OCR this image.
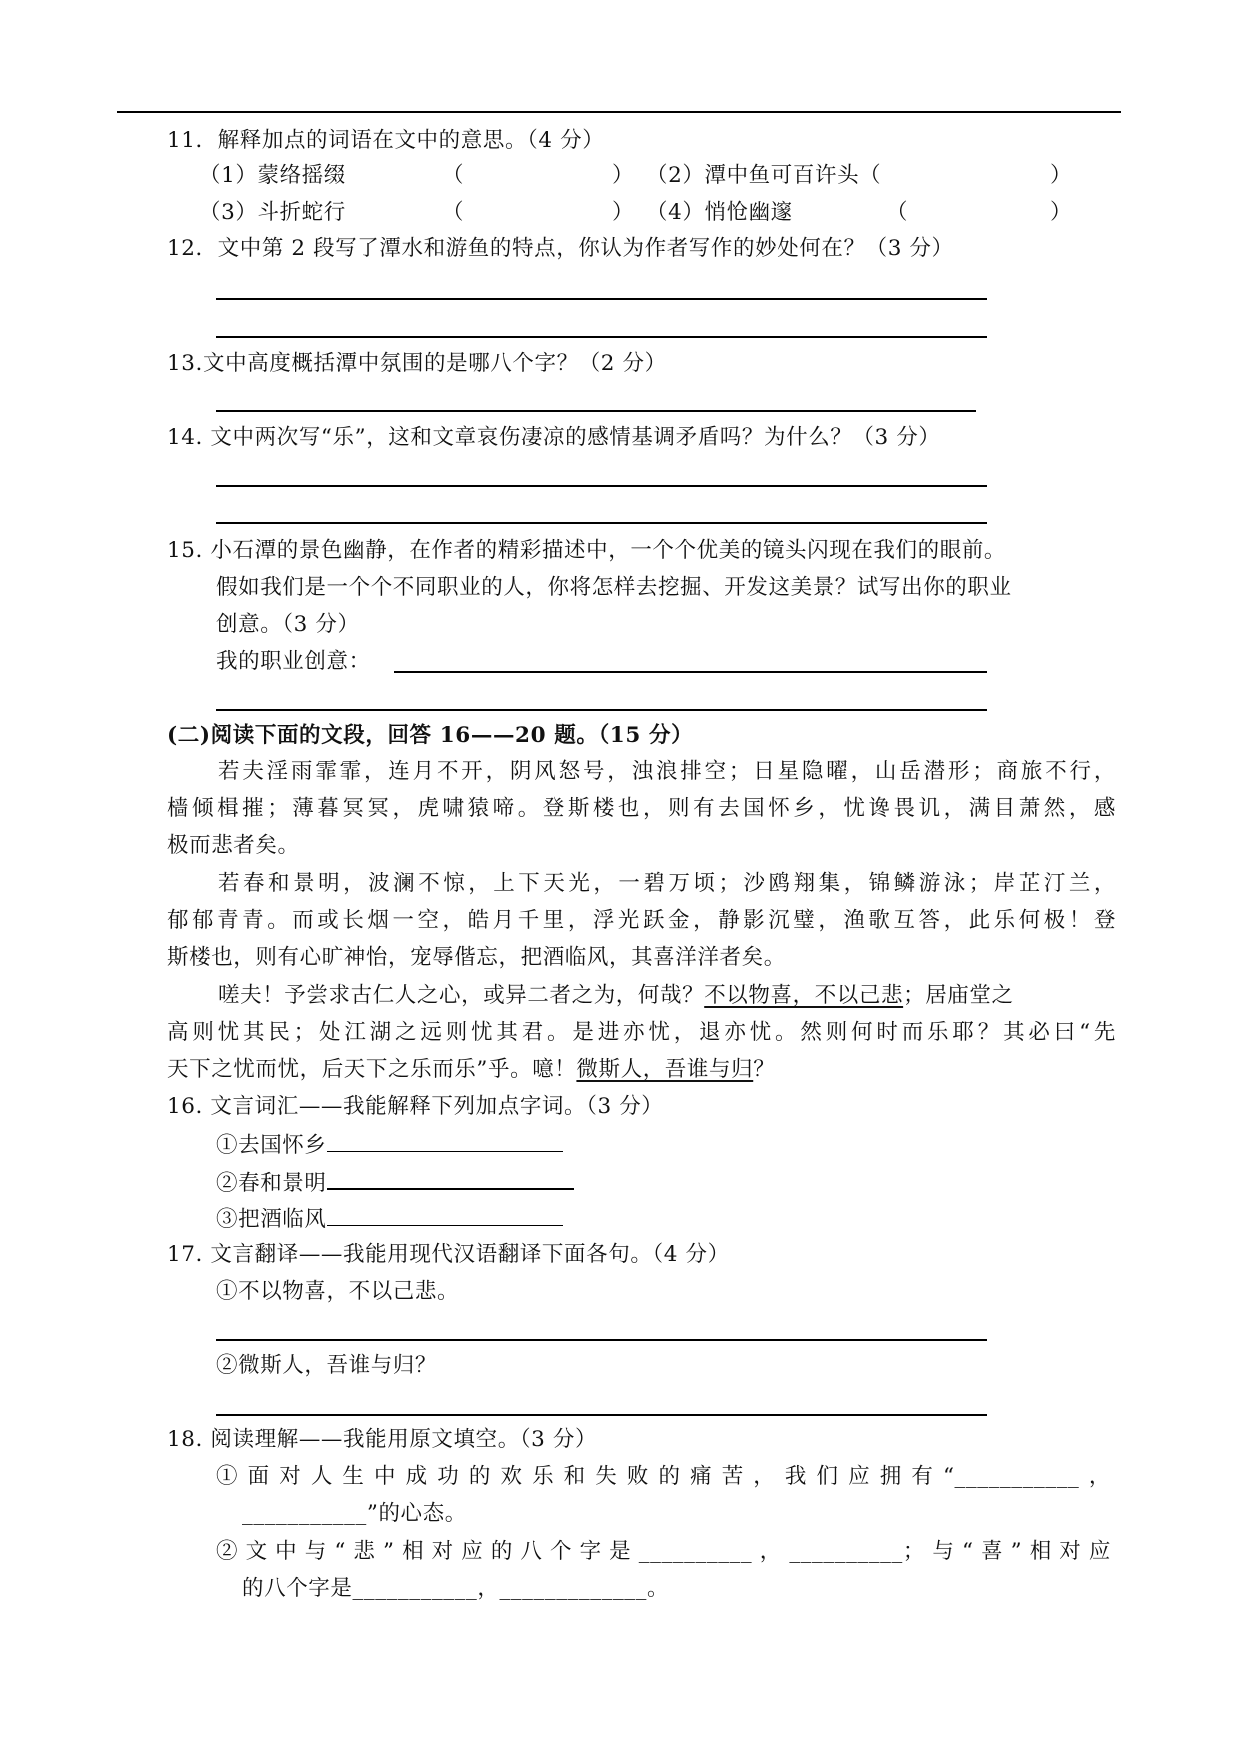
11．解释加点的词语在文中的意思。（4 分）
（1）蒙络摇缀	（	） （2）潭中鱼可百许头（	）
（3）斗折蛇行	（	） （4）悄怆幽邃	（	）
12．文中第 2 段写了潭水和游鱼的特点，你认为作者写作的妙处何在？（3 分）
13.文中高度概括潭中氛围的是哪八个字？（2 分）
14. 文中两次写“乐”，这和文章哀伤凄凉的感情基调矛盾吗？为什么？（3 分）
15. 小石潭的景色幽静，在作者的精彩描述中，一个个优美的镜头闪现在我们的眼前。
假如我们是一个个不同职业的人，你将怎样去挖掘、开发这美景？试写出你的职业
创意。（3 分）
我的职业创意：
(二)阅读下面的文段，回答 16——20 题。（15 分）
若夫淫雨霏霏，连月不开，阴风怒号，浊浪排空；日星隐曜，山岳潜形；商旅不行，
樯倾楫摧；薄暮冥冥，虎啸猿啼。登斯楼也，则有去国怀乡，忧谗畏讥，满目萧然，感
极而悲者矣。
若春和景明，波澜不惊，上下天光，一碧万顷；沙鸥翔集，锦鳞游泳；岸芷汀兰，
郁郁青青。而或长烟一空，皓月千里，浮光跃金，静影沉璧，渔歌互答，此乐何极！登
斯楼也，则有心旷神怡，宠辱偕忘，把酒临风，其喜洋洋者矣。
嗟夫！予尝求古仁人之心，或异二者之为，何哉？不以物喜，不以己悲；居庙堂之
高则忧其民；处江湖之远则忧其君。是进亦忧，退亦忧。然则何时而乐耶？其必曰“先
天下之忧而忧，后天下之乐而乐”乎。噫！微斯人，吾谁与归？
16. 文言词汇——我能解释下列加点字词。（3 分）
①去国怀乡
②春和景明
③把酒临风
17. 文言翻译——我能用现代汉语翻译下面各句。（4 分）
①不以物喜，不以己悲。
②微斯人，吾谁与归？
18. 阅读理解——我能用原文填空。（3 分）
①面对人生中成功的欢乐和失败的痛苦，我们应拥有“___________，
___________”的心态。
②文中与“悲”相对应的八个字是__________，__________；与“喜”相对应
的八个字是___________，_____________。
